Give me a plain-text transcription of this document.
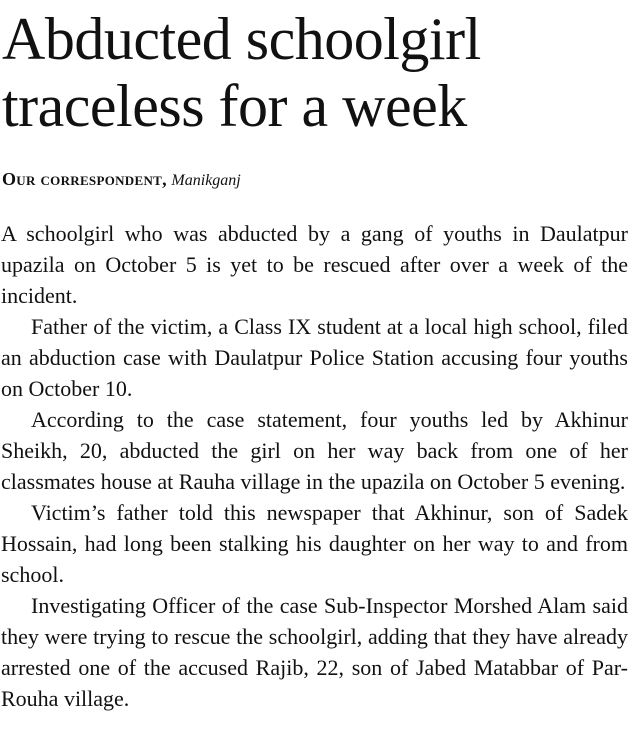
Abducted schoolgirl traceless for a week
Our correspondent, Manikganj

A schoolgirl who was abducted by a gang of youths in Daulatpur upazila on October 5 is yet to be rescued after over a week of the incident.

Father of the victim, a Class IX student at a local high school, filed an abduction case with Daulatpur Police Station accusing four youths on October 10.

According to the case statement, four youths led by Akhinur Sheikh, 20, abducted the girl on her way back from one of her classmates house at Rauha village in the upazila on October 5 evening.

Victim’s father told this newspaper that Akhinur, son of Sadek Hossain, had long been stalking his daughter on her way to and from school.

Investigating Officer of the case Sub-Inspector Morshed Alam said they were trying to rescue the schoolgirl, adding that they have already arrested one of the accused Rajib, 22, son of Jabed Matabbar of Par-Rouha village.
